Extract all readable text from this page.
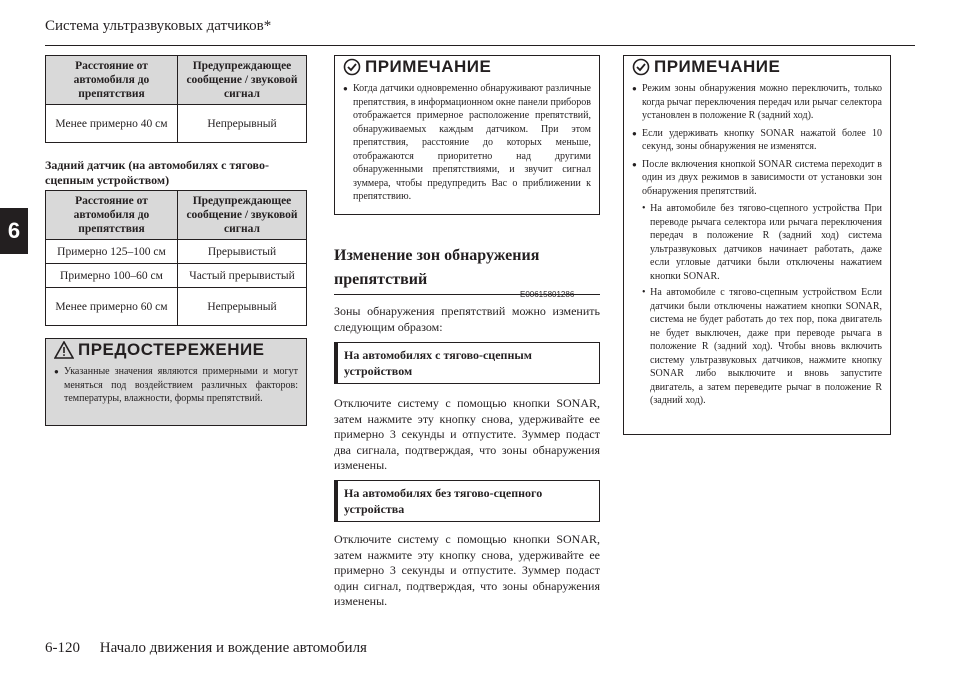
Система ультразвуковых датчиков*
6
Расстояние от автомобиля до препятствия	Предупреждающее сообщение / звуковой сигнал
Менее примерно 40 см	Непрерывный
Задний датчик (на автомобилях с тягово-сцепным устройством)
Расстояние от автомобиля до препятствия	Предупреждающее сообщение / звуковой сигнал
Примерно 125–100 см	Прерывистый
Примерно 100–60 см	Частый прерывистый
Менее примерно 60 см	Непрерывный
ПРЕДОСТЕРЕЖЕНИЕ
● Указанные значения являются примерными и могут меняться под воздействием различных факторов: температуры, влажности, формы препятствий.
ПРИМЕЧАНИЕ
● Когда датчики одновременно обнаруживают различные препятствия, в информационном окне панели приборов отображается примерное расположение препятствий, обнаруживаемых каждым датчиком. При этом препятствия, расстояние до которых меньше, отображаются приоритетно над другими обнаруженными препятствиями, и звучит сигнал зуммера, чтобы предупредить Вас о приближении к препятствию.
Изменение зон обнаружения препятствий
E00615801286
Зоны обнаружения препятствий можно изменить следующим образом:
На автомобилях с тягово-сцепным устройством
Отключите систему с помощью кнопки SONAR, затем нажмите эту кнопку снова, удерживайте ее примерно 3 секунды и отпустите. Зуммер подаст два сигнала, подтверждая, что зоны обнаружения изменены.
На автомобилях без тягово-сцепного устройства
Отключите систему с помощью кнопки SONAR, затем нажмите эту кнопку снова, удерживайте ее примерно 3 секунды и отпустите. Зуммер подаст один сигнал, подтверждая, что зоны обнаружения изменены.
ПРИМЕЧАНИЕ
● Режим зоны обнаружения можно переключить, только когда рычаг переключения передач или рычаг селектора установлен в положение R (задний ход).
● Если удерживать кнопку SONAR нажатой более 10 секунд, зоны обнаружения не изменятся.
● После включения кнопкой SONAR система переходит в один из двух режимов в зависимости от установки зон обнаружения препятствий.
• На автомобиле без тягово-сцепного устройства При переводе рычага селектора или рычага переключения передач в положение R (задний ход) система ультразвуковых датчиков начинает работать, даже если угловые датчики были отключены нажатием кнопки SONAR.
• На автомобиле с тягово-сцепным устройством Если датчики были отключены нажатием кнопки SONAR, система не будет работать до тех пор, пока двигатель не будет выключен, даже при переводе рычага в положение R (задний ход). Чтобы вновь включить систему ультразвуковых датчиков, нажмите кнопку SONAR либо выключите и вновь запустите двигатель, а затем переведите рычаг в положение R (задний ход).
6-120 Начало движения и вождение автомобиля
